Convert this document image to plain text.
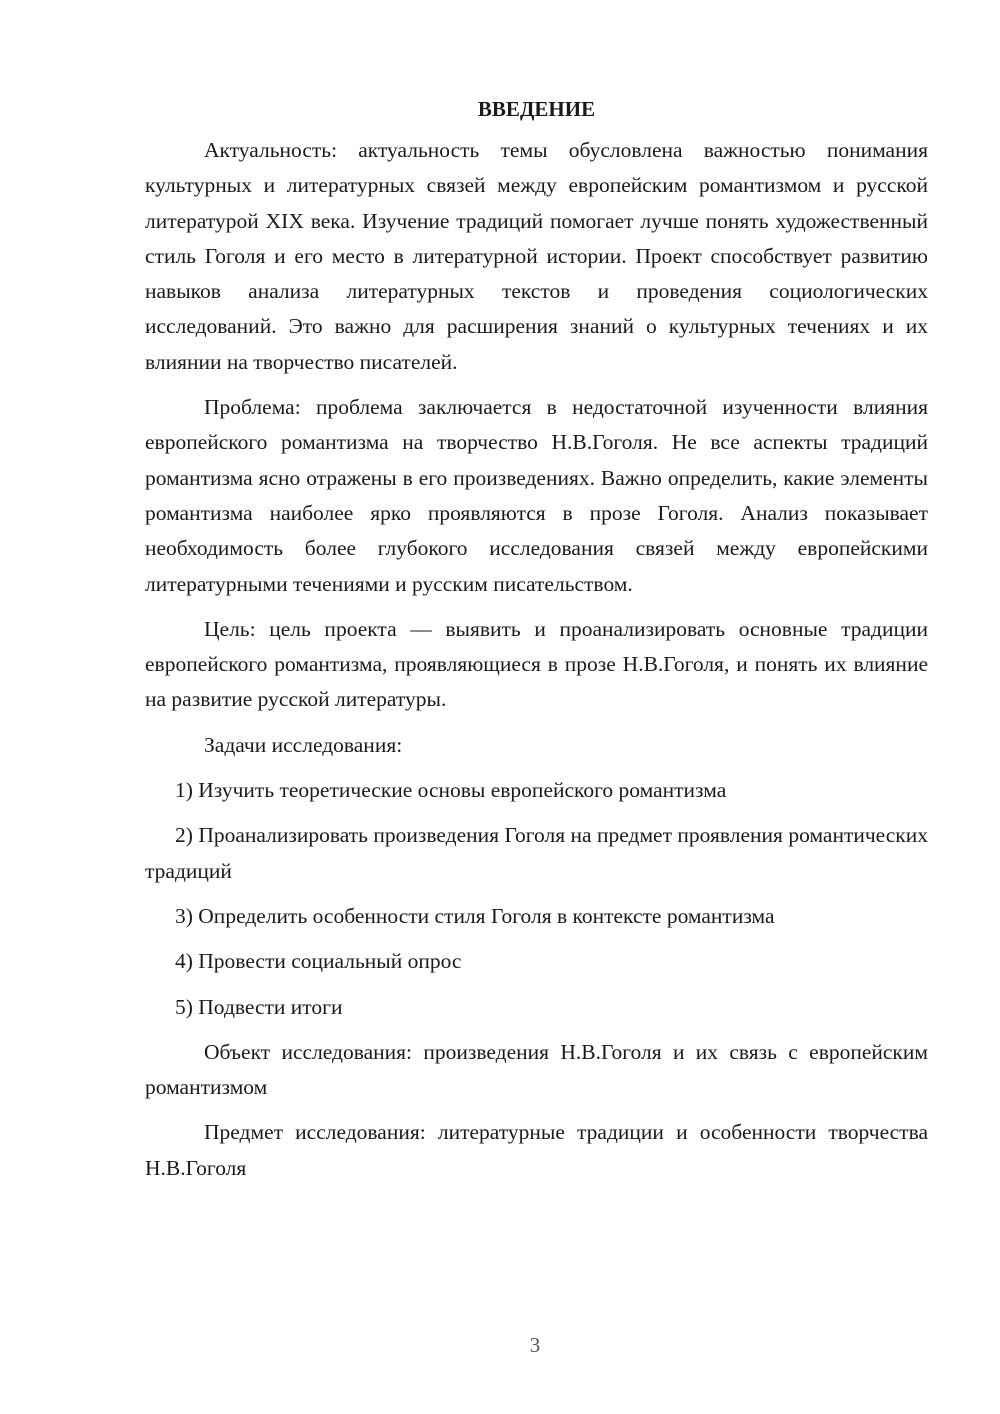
ВВЕДЕНИЕ

Актуальность: актуальность темы обусловлена важностью понимания культурных и литературных связей между европейским романтизмом и русской литературой XIX века. Изучение традиций помогает лучше понять художественный стиль Гоголя и его место в литературной истории. Проект способствует развитию навыков анализа литературных текстов и проведения социологических исследований. Это важно для расширения знаний о культурных течениях и их влиянии на творчество писателей.

Проблема: проблема заключается в недостаточной изученности влияния европейского романтизма на творчество Н.В.Гоголя. Не все аспекты традиций романтизма ясно отражены в его произведениях. Важно определить, какие элементы романтизма наиболее ярко проявляются в прозе Гоголя. Анализ показывает необходимость более глубокого исследования связей между европейскими литературными течениями и русским писательством.

Цель: цель проекта — выявить и проанализировать основные традиции европейского романтизма, проявляющиеся в прозе Н.В.Гоголя, и понять их влияние на развитие русской литературы.

Задачи исследования:

1) Изучить теоретические основы европейского романтизма

2) Проанализировать произведения Гоголя на предмет проявления романтических традиций

3) Определить особенности стиля Гоголя в контексте романтизма

4) Провести социальный опрос

5) Подвести итоги

Объект исследования: произведения Н.В.Гоголя и их связь с европейским романтизмом

Предмет исследования: литературные традиции и особенности творчества Н.В.Гоголя

3
